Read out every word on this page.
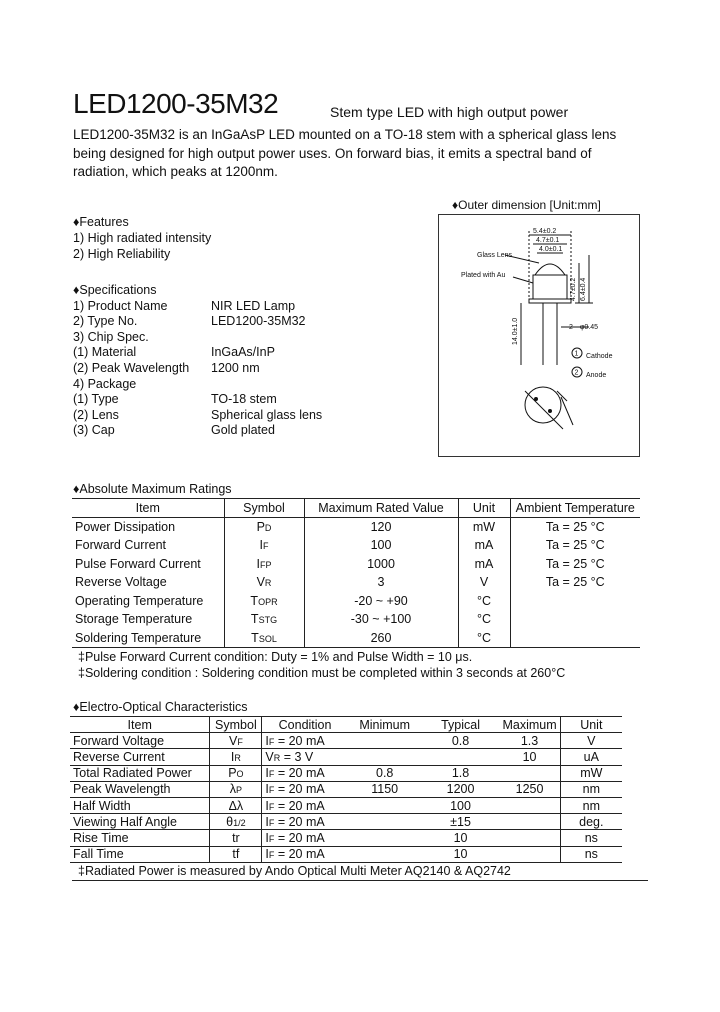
LED1200-35M32	Stem type LED with high output power
LED1200-35M32 is an InGaAsP LED mounted on a TO-18 stem with a spherical glass lens being designed for high output power uses. On forward bias, it emits a spectral band of radiation, which peaks at 1200nm.
♦Features
1) High radiated intensity
2) High Reliability
♦Specifications
1) Product Name	NIR LED Lamp
2) Type No.	LED1200-35M32
3) Chip Spec.
(1) Material	InGaAs/InP
(2) Peak Wavelength 1200 nm
4) Package
(1) Type	TO-18 stem
(2) Lens	Spherical glass lens
(3) Cap	Gold plated
♦Outer dimension [Unit:mm]
5.4±0.2
4.7±0.1
4.0±0.1
Glass Lens
Plated with Au
4.7±0.2 6.4±0.4
14.0±1.0	2—φ0.45
1
2
Cathode
Anode
♦Absolute Maximum Ratings
Item	Symbol	Maximum Rated Value	Unit	Ambient Temperature
Power Dissipation	PD	120	mW	Ta = 25 °C
Forward Current	IF	100	mA	Ta = 25 °C
Pulse Forward Current	IFP	1000	mA	Ta = 25 °C
Reverse Voltage	VR	3	V	Ta = 25 °C
Operating Temperature	TOPR	-20 ~ +90	°C	
Storage Temperature	TSTG	-30 ~ +100	°C	
Soldering Temperature	TSOL	260	°C	
‡Pulse Forward Current condition: Duty = 1% and Pulse Width = 10 μs.
‡Soldering condition : Soldering condition must be completed within 3 seconds at 260°C
♦Electro-Optical Characteristics
Item	Symbol	Condition	Minimum	Typical	Maximum	Unit
Forward Voltage	VF	IF = 20 mA		0.8	1.3	V
Reverse Current	IR	VR = 3 V			10	uA
Total Radiated Power	PO	IF = 20 mA	0.8	1.8		mW
Peak Wavelength	λP	IF = 20 mA	1150	1200	1250	nm
Half Width	Δλ	IF = 20 mA		100		nm
Viewing Half Angle	θ1/2	IF = 20 mA		±15		deg.
Rise Time	tr	IF = 20 mA		10		ns
Fall Time	tf	IF = 20 mA		10		ns
‡Radiated Power is measured by Ando Optical Multi Meter AQ2140 & AQ2742
